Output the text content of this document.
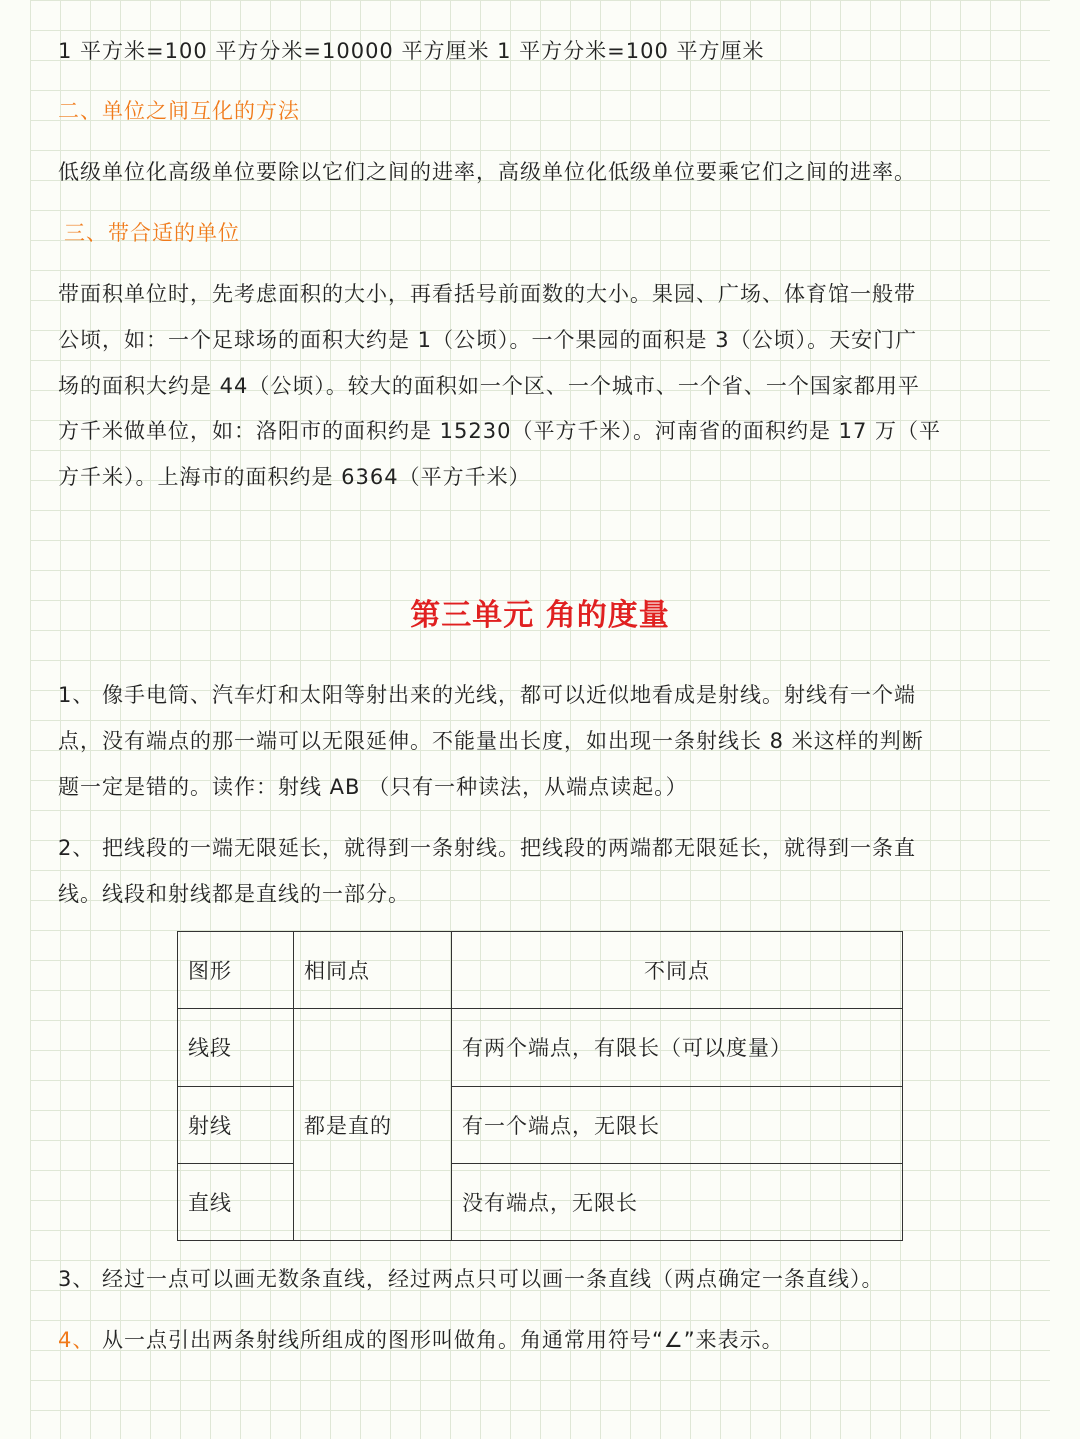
1 平方米=100 平方分米=10000 平方厘米 1 平方分米=100 平方厘米
二、单位之间互化的方法
低级单位化高级单位要除以它们之间的进率，高级单位化低级单位要乘它们之间的进率。
三、带合适的单位
带面积单位时，先考虑面积的大小，再看括号前面数的大小。果园、广场、体育馆一般带
公顷，如：一个足球场的面积大约是 1（公顷）。一个果园的面积是 3（公顷）。天安门广
场的面积大约是 44（公顷）。较大的面积如一个区、一个城市、一个省、一个国家都用平
方千米做单位，如：洛阳市的面积约是 15230（平方千米）。河南省的面积约是 17 万（平
方千米）。上海市的面积约是 6364（平方千米）
第三单元 角的度量
1、 像手电筒、汽车灯和太阳等射出来的光线，都可以近似地看成是射线。射线有一个端
点，没有端点的那一端可以无限延伸。不能量出长度，如出现一条射线长 8 米这样的判断
题一定是错的。读作：射线 AB （只有一种读法，从端点读起。）
2、 把线段的一端无限延长，就得到一条射线。把线段的两端都无限延长，就得到一条直
线。线段和射线都是直线的一部分。
图形	相同点	不同点
线段	都是直的	有两个端点，有限长（可以度量）
射线		有一个端点，无限长
直线		没有端点，无限长
3、 经过一点可以画无数条直线，经过两点只可以画一条直线（两点确定一条直线）。
4、 从一点引出两条射线所组成的图形叫做角。角通常用符号“∠”来表示。
